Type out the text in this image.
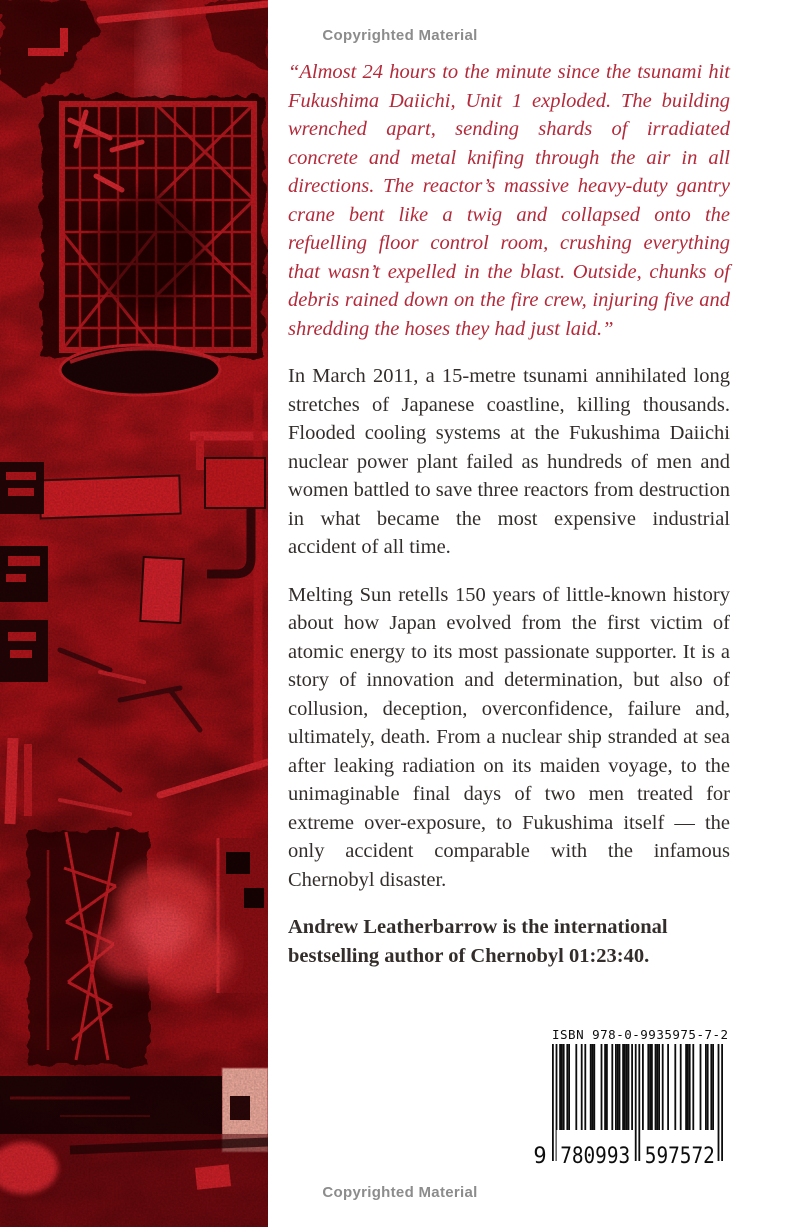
Copyrighted Material

“Almost 24 hours to the minute since the tsunami hit Fukushima Daiichi, Unit 1 exploded. The building wrenched apart, sending shards of irradiated concrete and metal knifing through the air in all directions. The reactor’s massive heavy-duty gantry crane bent like a twig and collapsed onto the refuelling floor control room, crushing everything that wasn’t expelled in the blast. Outside, chunks of debris rained down on the fire crew, injuring five and shredding the hoses they had just laid.”

In March 2011, a 15-metre tsunami annihilated long stretches of Japanese coastline, killing thousands. Flooded cooling systems at the Fukushima Daiichi nuclear power plant failed as hundreds of men and women battled to save three reactors from destruction in what became the most expensive industrial accident of all time.

Melting Sun retells 150 years of little-known history about how Japan evolved from the first victim of atomic energy to its most passionate supporter. It is a story of innovation and determination, but also of collusion, deception, overconfidence, failure and, ultimately, death. From a nuclear ship stranded at sea after leaking radiation on its maiden voyage, to the unimaginable final days of two men treated for extreme over-exposure, to Fukushima itself — the only accident comparable with the infamous Chernobyl disaster.

Andrew Leatherbarrow is the international bestselling author of Chernobyl 01:23:40.

ISBN 978-0-9935975-7-2
9 780993 597572
Copyrighted Material
